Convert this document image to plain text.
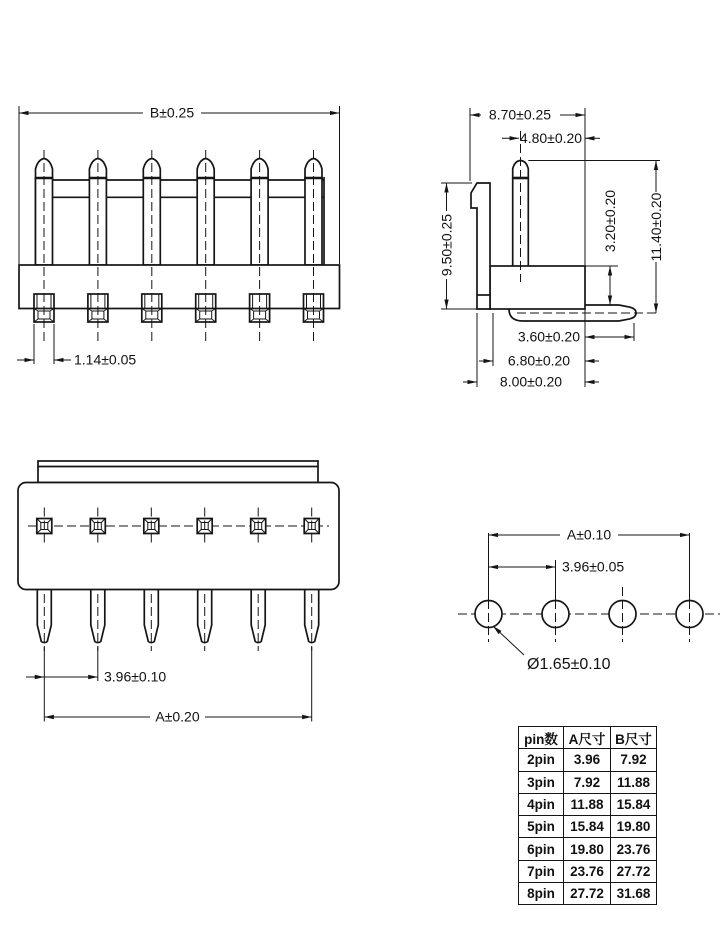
B±0.25
1.14±0.05
8.70±0.25
4.80±0.20
9.50±0.25	3.20±0.20 11.40±0.20
3.60±0.20
6.80±0.20
8.00±0.20
3.96±0.10
A±0.20
A±0.10
3.96±0.05
Ø1.65±0.10
pin数	A尺寸	B尺寸
2pin	3.96	7.92
3pin	7.92	11.88
4pin	11.88	15.84
5pin	15.84	19.80
6pin	19.80	23.76
7pin	23.76	27.72
8pin	27.72	31.68
